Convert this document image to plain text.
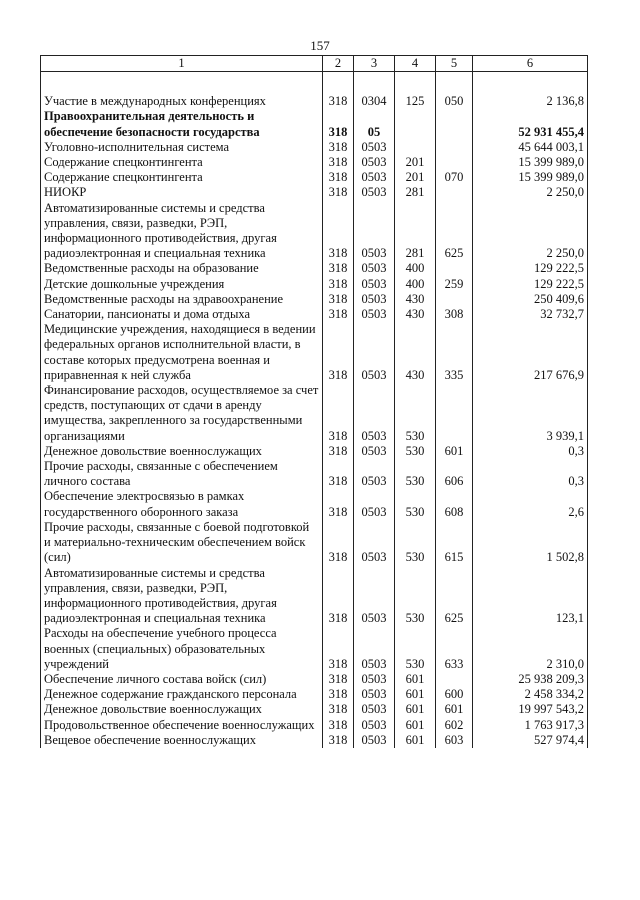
157
1	2	3	4	5	6

Участие в международных конференциях	318	0304	125	050	2 136,8
Правоохранительная деятельность и обеспечение безопасности государства	318	05			52 931 455,4
Уголовно-исполнительная система	318	0503			45 644 003,1
Содержание спецконтингента	318	0503	201		15 399 989,0
Содержание спецконтингента	318	0503	201	070	15 399 989,0
НИОКР	318	0503	281		2 250,0
Автоматизированные системы и средства управления, связи, разведки, РЭП, информационного противодействия, другая радиоэлектронная и специальная техника	318	0503	281	625	2 250,0
Ведомственные расходы на образование	318	0503	400		129 222,5
Детские дошкольные учреждения	318	0503	400	259	129 222,5
Ведомственные расходы на здравоохранение	318	0503	430		250 409,6
Санатории, пансионаты и дома отдыха	318	0503	430	308	32 732,7
Медицинские учреждения, находящиеся в ведении федеральных органов исполнительной власти, в составе которых предусмотрена военная и приравненная к ней служба	318	0503	430	335	217 676,9
Финансирование расходов, осуществляемое за счет средств, поступающих от сдачи в аренду имущества, закрепленного за государственными организациями	318	0503	530		3 939,1
Денежное довольствие военнослужащих	318	0503	530	601	0,3
Прочие расходы, связанные с обеспечением личного состава	318	0503	530	606	0,3
Обеспечение электросвязью в рамках государственного оборонного заказа	318	0503	530	608	2,6
Прочие расходы, связанные с боевой подготовкой и материально-техническим обеспечением войск (сил)	318	0503	530	615	1 502,8
Автоматизированные системы и средства управления, связи, разведки, РЭП, информационного противодействия, другая радиоэлектронная и специальная техника	318	0503	530	625	123,1
Расходы на обеспечение учебного процесса военных (специальных) образовательных учреждений	318	0503	530	633	2 310,0
Обеспечение личного состава войск (сил)	318	0503	601		25 938 209,3
Денежное содержание гражданского персонала	318	0503	601	600	2 458 334,2
Денежное довольствие военнослужащих	318	0503	601	601	19 997 543,2
Продовольственное обеспечение военнослужащих	318	0503	601	602	1 763 917,3
Вещевое обеспечение военнослужащих	318	0503	601	603	527 974,4
